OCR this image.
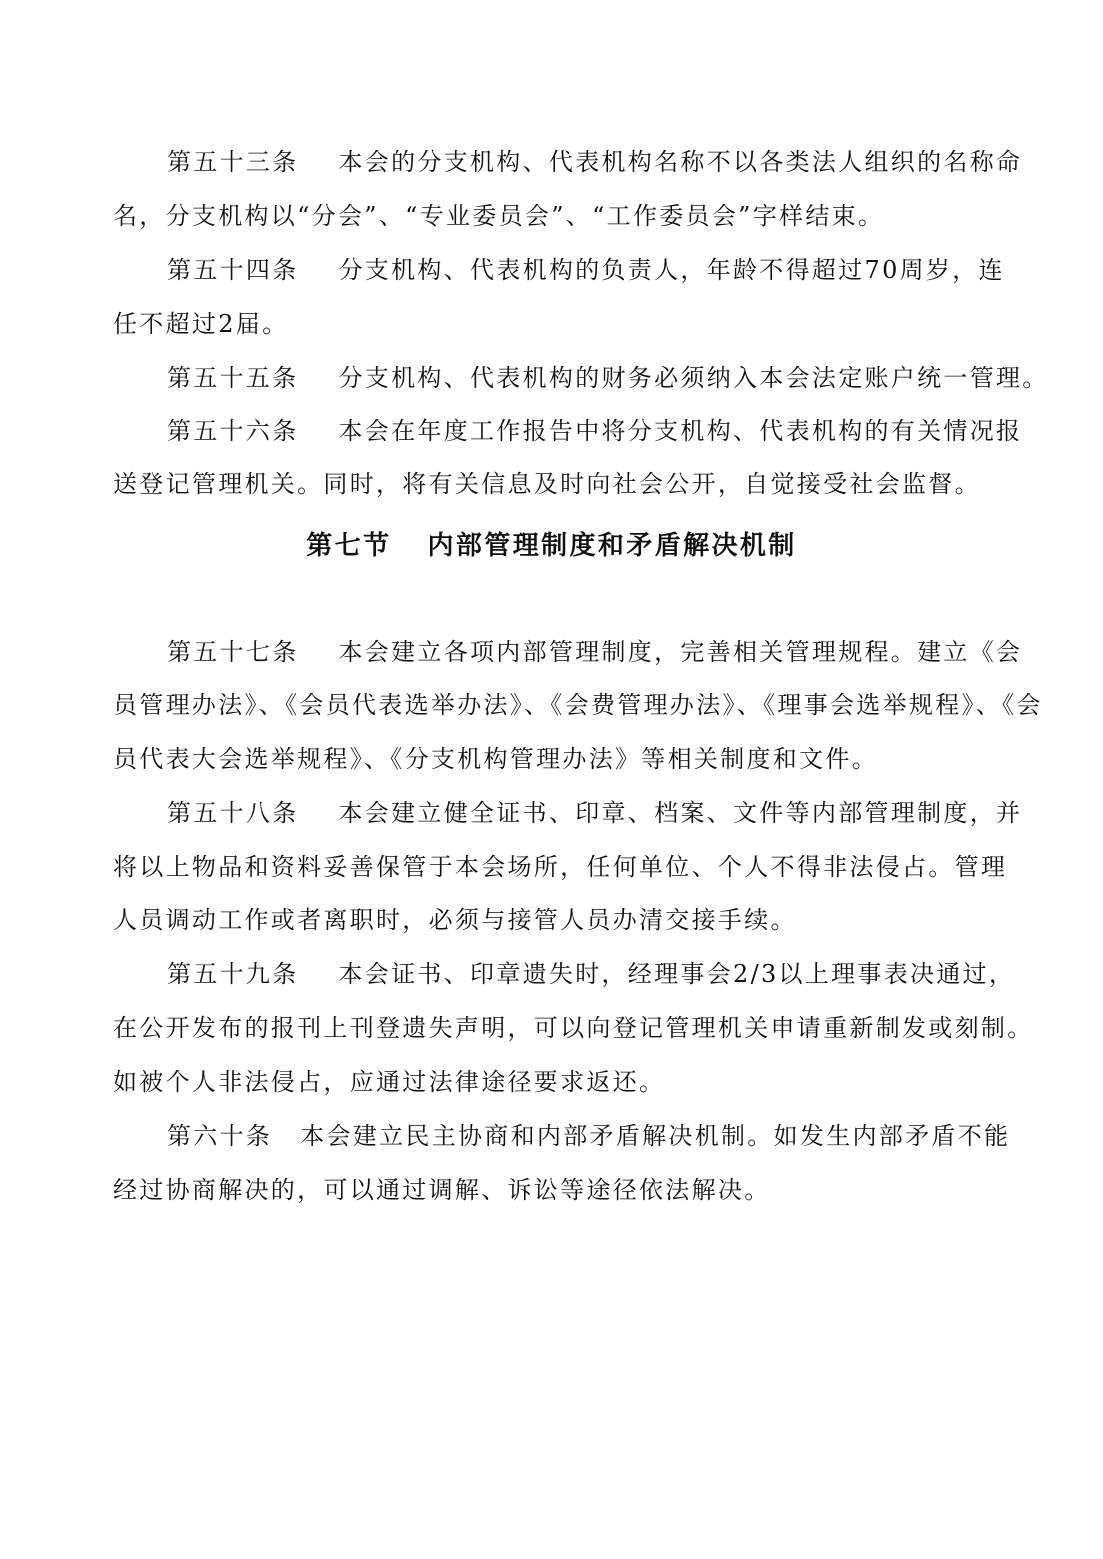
第五十三条 本会的分支机构、代表机构名称不以各类法人组织的名称命
名，分支机构以“分会”、“专业委员会”、“工作委员会”字样结束。
第五十四条 分支机构、代表机构的负责人，年龄不得超过70周岁，连
任不超过2届。
第五十五条 分支机构、代表机构的财务必须纳入本会法定账户统一管理。
第五十六条 本会在年度工作报告中将分支机构、代表机构的有关情况报
送登记管理机关。同时，将有关信息及时向社会公开，自觉接受社会监督。
第七节 内部管理制度和矛盾解决机制
第五十七条 本会建立各项内部管理制度，完善相关管理规程。建立《会
员管理办法》、《会员代表选举办法》、《会费管理办法》、《理事会选举规程》、《会
员代表大会选举规程》、《分支机构管理办法》等相关制度和文件。
第五十八条 本会建立健全证书、印章、档案、文件等内部管理制度，并
将以上物品和资料妥善保管于本会场所，任何单位、个人不得非法侵占。管理
人员调动工作或者离职时，必须与接管人员办清交接手续。
第五十九条 本会证书、印章遗失时，经理事会2/3以上理事表决通过，
在公开发布的报刊上刊登遗失声明，可以向登记管理机关申请重新制发或刻制。
如被个人非法侵占，应通过法律途径要求返还。
第六十条 本会建立民主协商和内部矛盾解决机制。如发生内部矛盾不能
经过协商解决的，可以通过调解、诉讼等途径依法解决。
